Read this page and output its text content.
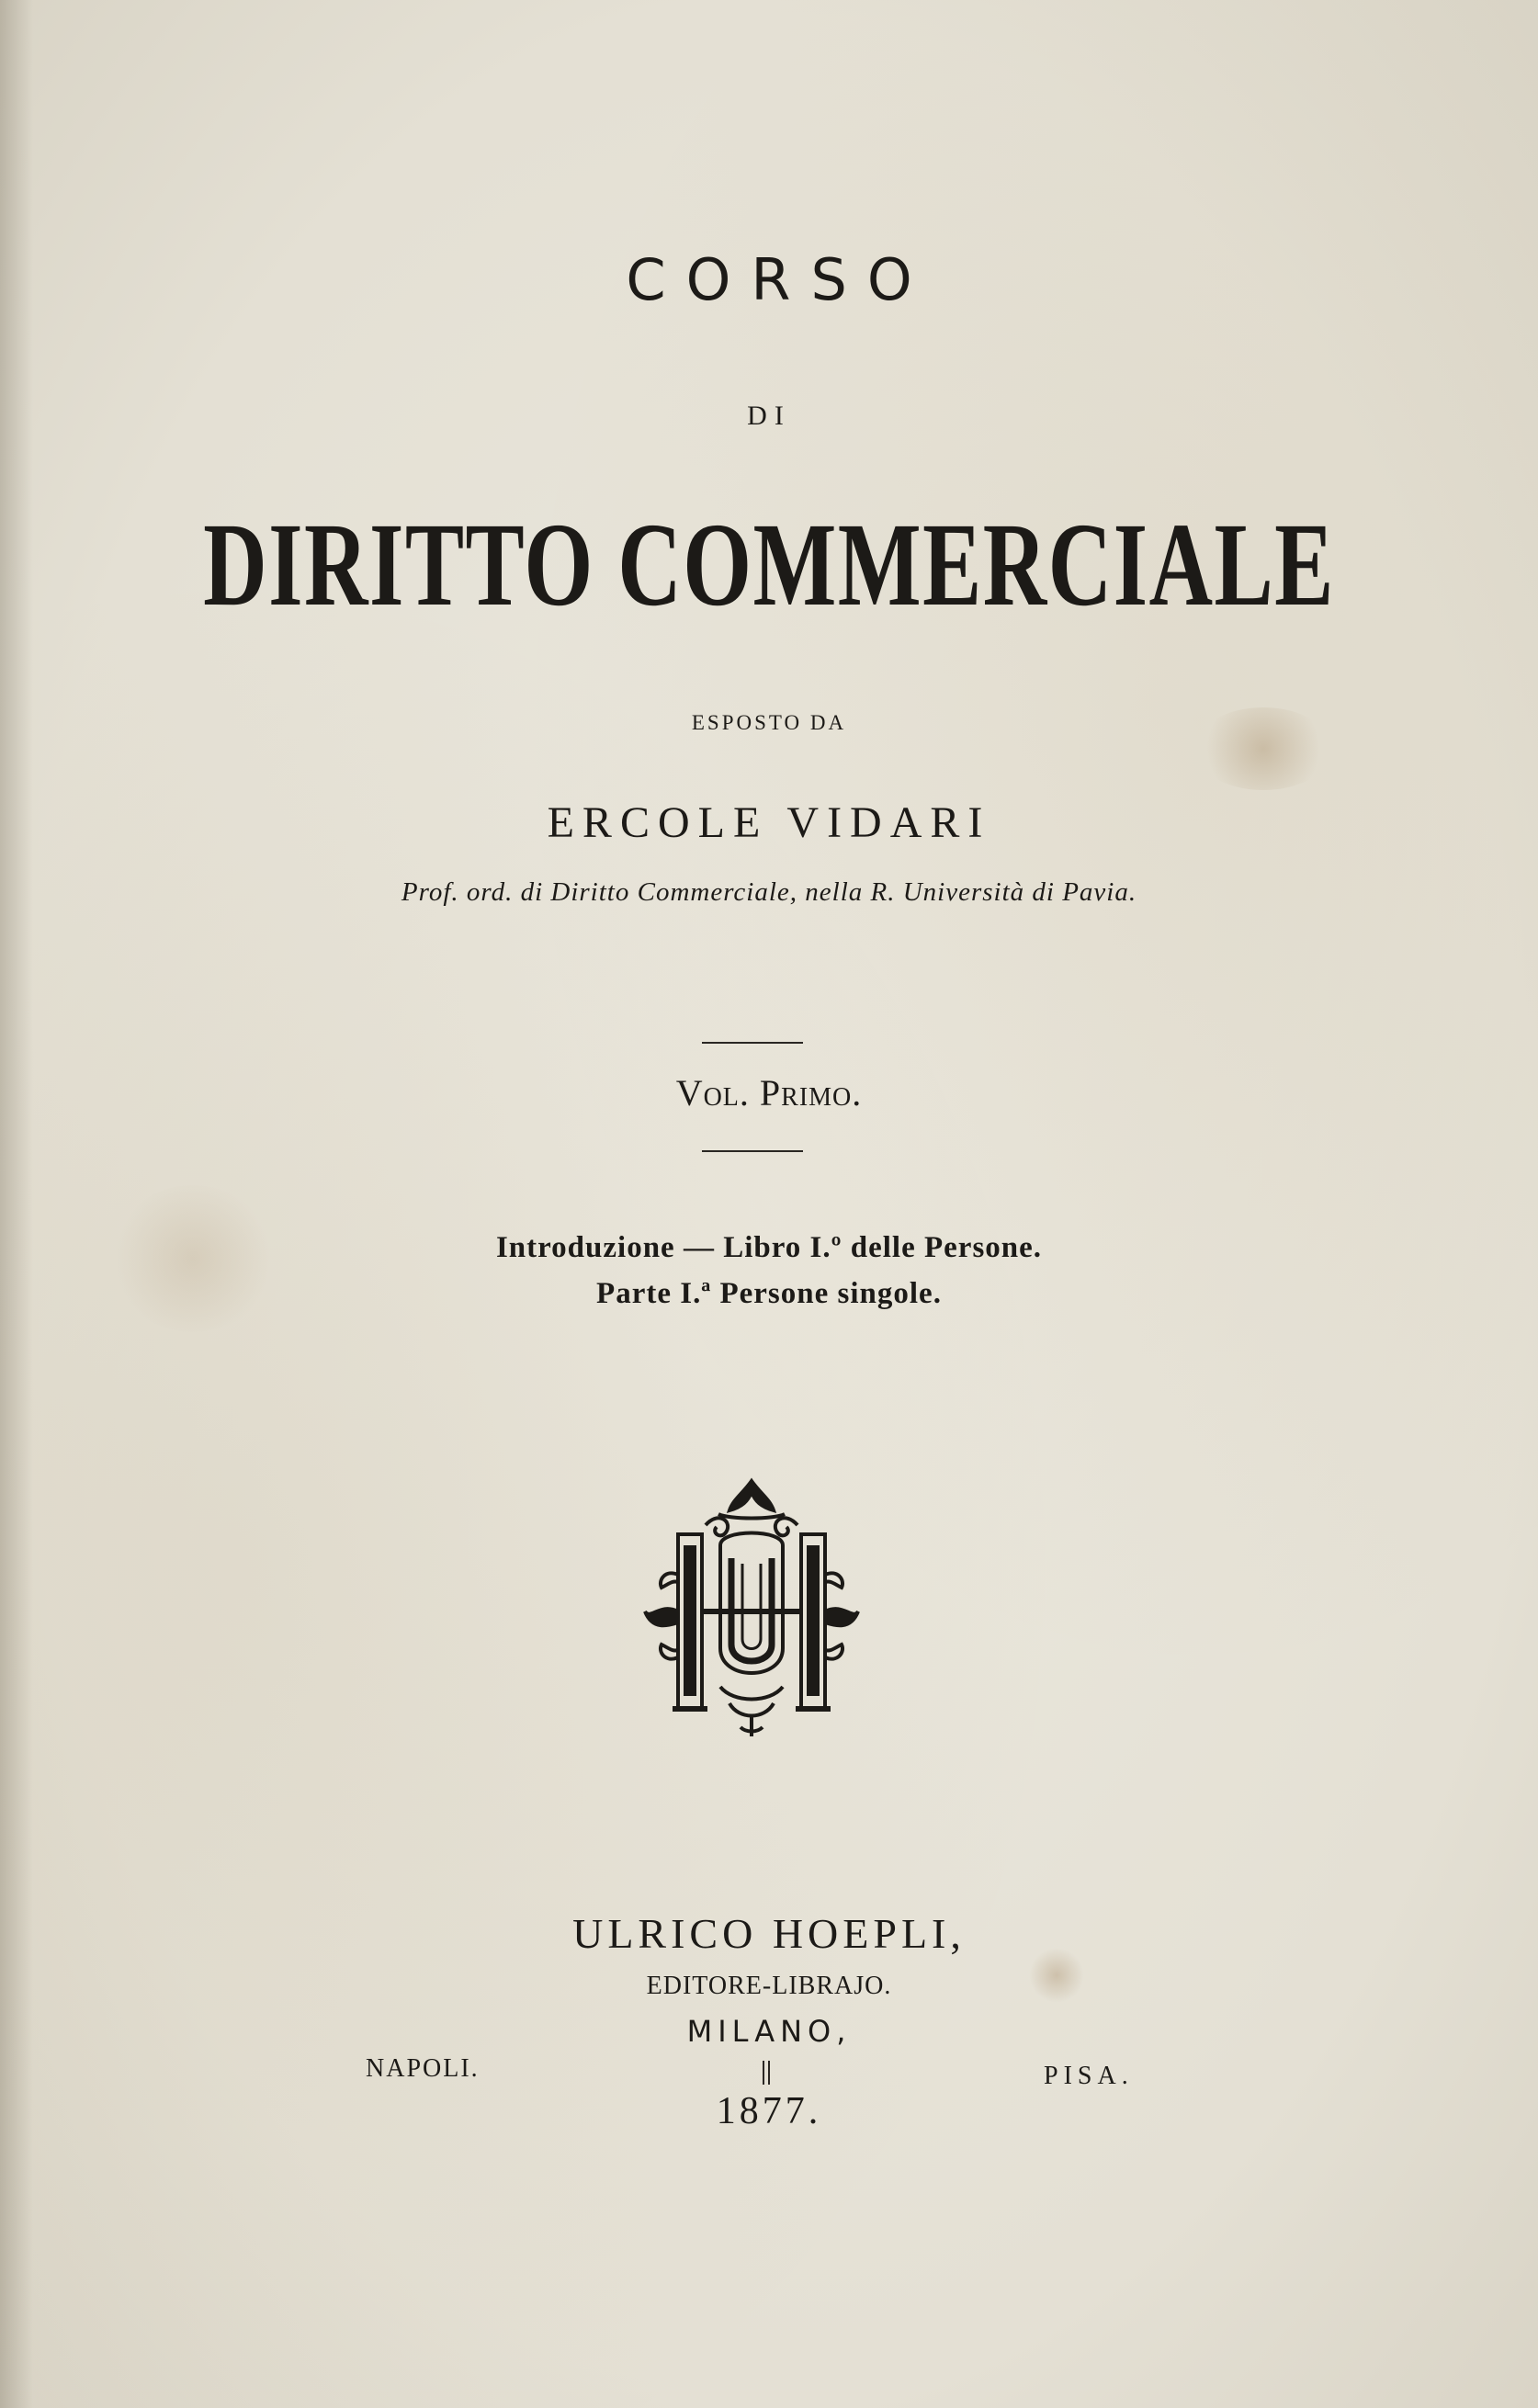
CORSO
DI
DIRITTO COMMERCIALE
ESPOSTO DA
ERCOLE VIDARI
Prof. ord. di Diritto Commerciale, nella R. Università di Pavia.
Vol. Primo.
Introduzione — Libro I.º delle Persone.
Parte I.ª Persone singole.
ULRICO HOEPLI,
EDITORE-LIBRAJO.
MILANO,
NAPOLI.	PISA.
1877.
